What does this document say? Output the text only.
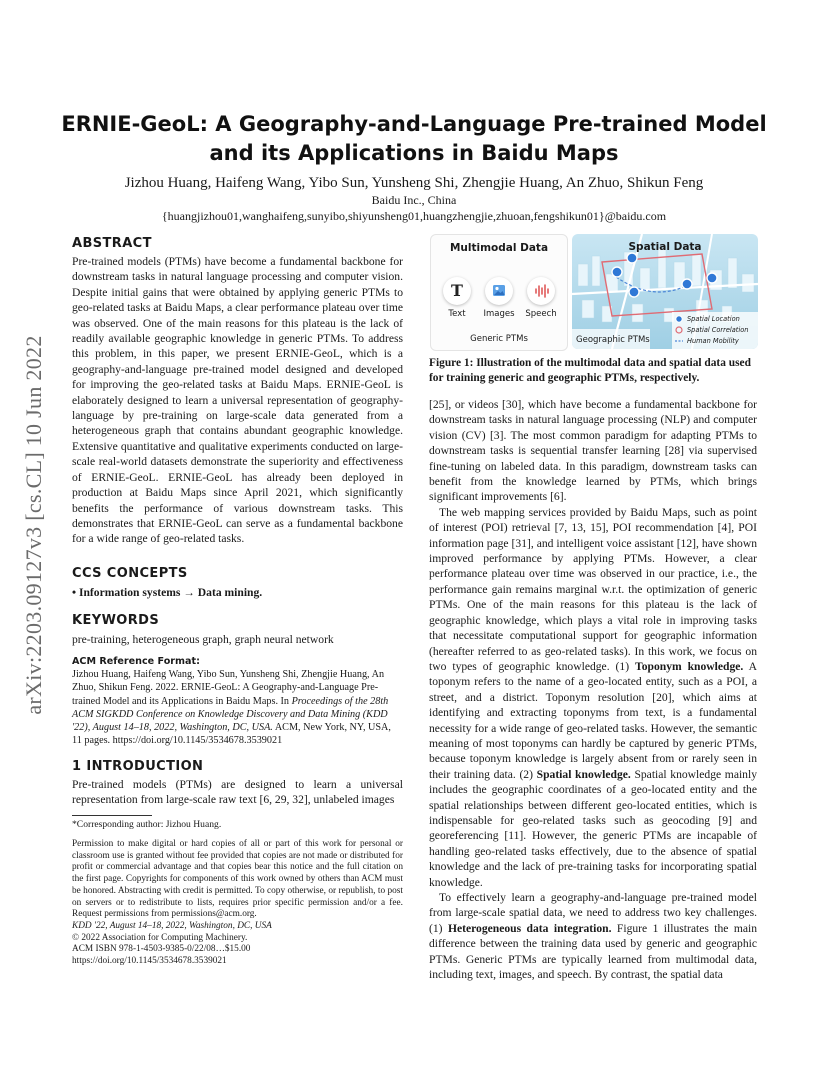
arXiv:2203.09127v3 [cs.CL] 10 Jun 2022
ERNIE-GeoL: A Geography-and-Language Pre-trained Model
and its Applications in Baidu Maps
Jizhou Huang, Haifeng Wang, Yibo Sun, Yunsheng Shi, Zhengjie Huang, An Zhuo, Shikun Feng
Baidu Inc., China
{huangjizhou01,wanghaifeng,sunyibo,shiyunsheng01,huangzhengjie,zhuoan,fengshikun01}@baidu.com
ABSTRACT

Pre-trained models (PTMs) have become a fundamental backbone for downstream tasks in natural language processing and computer vision. Despite initial gains that were obtained by applying generic PTMs to geo-related tasks at Baidu Maps, a clear performance plateau over time was observed. One of the main reasons for this plateau is the lack of readily available geographic knowledge in generic PTMs. To address this problem, in this paper, we present ERNIE-GeoL, which is a geography-and-language pre-trained model designed and developed for improving the geo-related tasks at Baidu Maps. ERNIE-GeoL is elaborately designed to learn a universal representation of geography-language by pre-training on large-scale data generated from a heterogeneous graph that contains abundant geographic knowledge. Extensive quantitative and qualitative experiments conducted on large-scale real-world datasets demonstrate the superiority and effectiveness of ERNIE-GeoL. ERNIE-GeoL has already been deployed in production at Baidu Maps since April 2021, which significantly benefits the performance of various downstream tasks. This demonstrates that ERNIE-GeoL can serve as a fundamental backbone for a wide range of geo-related tasks.

CCS CONCEPTS

• Information systems → Data mining.

KEYWORDS
pre-training, heterogeneous graph, graph neural network
ACM Reference Format:

Jizhou Huang, Haifeng Wang, Yibo Sun, Yunsheng Shi, Zhengjie Huang, An Zhuo, Shikun Feng. 2022. ERNIE-GeoL: A Geography-and-Language Pre-trained Model and its Applications in Baidu Maps. In Proceedings of the 28th ACM SIGKDD Conference on Knowledge Discovery and Data Mining (KDD '22), August 14–18, 2022, Washington, DC, USA. ACM, New York, NY, USA, 11 pages. https://doi.org/10.1145/3534678.3539021

1 INTRODUCTION

Pre-trained models (PTMs) are designed to learn a universal representation from large-scale raw text [6, 29, 32], unlabeled images

*Corresponding author: Jizhou Huang.

Permission to make digital or hard copies of all or part of this work for personal or classroom use is granted without fee provided that copies are not made or distributed for profit or commercial advantage and that copies bear this notice and the full citation on the first page. Copyrights for components of this work owned by others than ACM must be honored. Abstracting with credit is permitted. To copy otherwise, or republish, to post on servers or to redistribute to lists, requires prior specific permission and/or a fee. Request permissions from permissions@acm.org.

KDD '22, August 14–18, 2022, Washington, DC, USA

© 2022 Association for Computing Machinery.

ACM ISBN 978-1-4503-9385-0/22/08…$15.00

https://doi.org/10.1145/3534678.3539021

Multimodal Data
T
Text	Images	Speech
Generic PTMs
Spatial Data
Geographic PTMs
Spatial Location
Spatial Correlation
Human Mobility
Figure 1: Illustration of the multimodal data and spatial data used for training generic and geographic PTMs, respectively.

[25], or videos [30], which have become a fundamental backbone for downstream tasks in natural language processing (NLP) and computer vision (CV) [3]. The most common paradigm for adapting PTMs to downstream tasks is sequential transfer learning [28] via supervised fine-tuning on labeled data. In this paradigm, downstream tasks can benefit from the knowledge learned by PTMs, which brings significant improvements [6].

The web mapping services provided by Baidu Maps, such as point of interest (POI) retrieval [7, 13, 15], POI recommendation [4], POI information page [31], and intelligent voice assistant [12], have shown improved performance by applying PTMs. However, a clear performance plateau over time was observed in our practice, i.e., the performance gain remains marginal w.r.t. the optimization of generic PTMs. One of the main reasons for this plateau is the lack of geographic knowledge, which plays a vital role in improving tasks that necessitate computational support for geographic information (hereafter referred to as geo-related tasks). In this work, we focus on two types of geographic knowledge. (1) Toponym knowledge. A toponym refers to the name of a geo-located entity, such as a POI, a street, and a district. Toponym resolution [20], which aims at identifying and extracting toponyms from text, is a fundamental necessity for a wide range of geo-related tasks. However, the semantic meaning of most toponyms can hardly be captured by generic PTMs, because toponym knowledge is largely absent from or rarely seen in their training data. (2) Spatial knowledge. Spatial knowledge mainly includes the geographic coordinates of a geo-located entity and the spatial relationships between different geo-located entities, which is indispensable for geo-related tasks such as geocoding [9] and georeferencing [11]. However, the generic PTMs are incapable of handling geo-related tasks effectively, due to the absence of spatial knowledge and the lack of pre-training tasks for incorporating spatial knowledge.

To effectively learn a geography-and-language pre-trained model from large-scale spatial data, we need to address two key challenges. (1) Heterogeneous data integration. Figure 1 illustrates the main difference between the training data used by generic and geographic PTMs. Generic PTMs are typically learned from multimodal data, including text, images, and speech. By contrast, the spatial data
